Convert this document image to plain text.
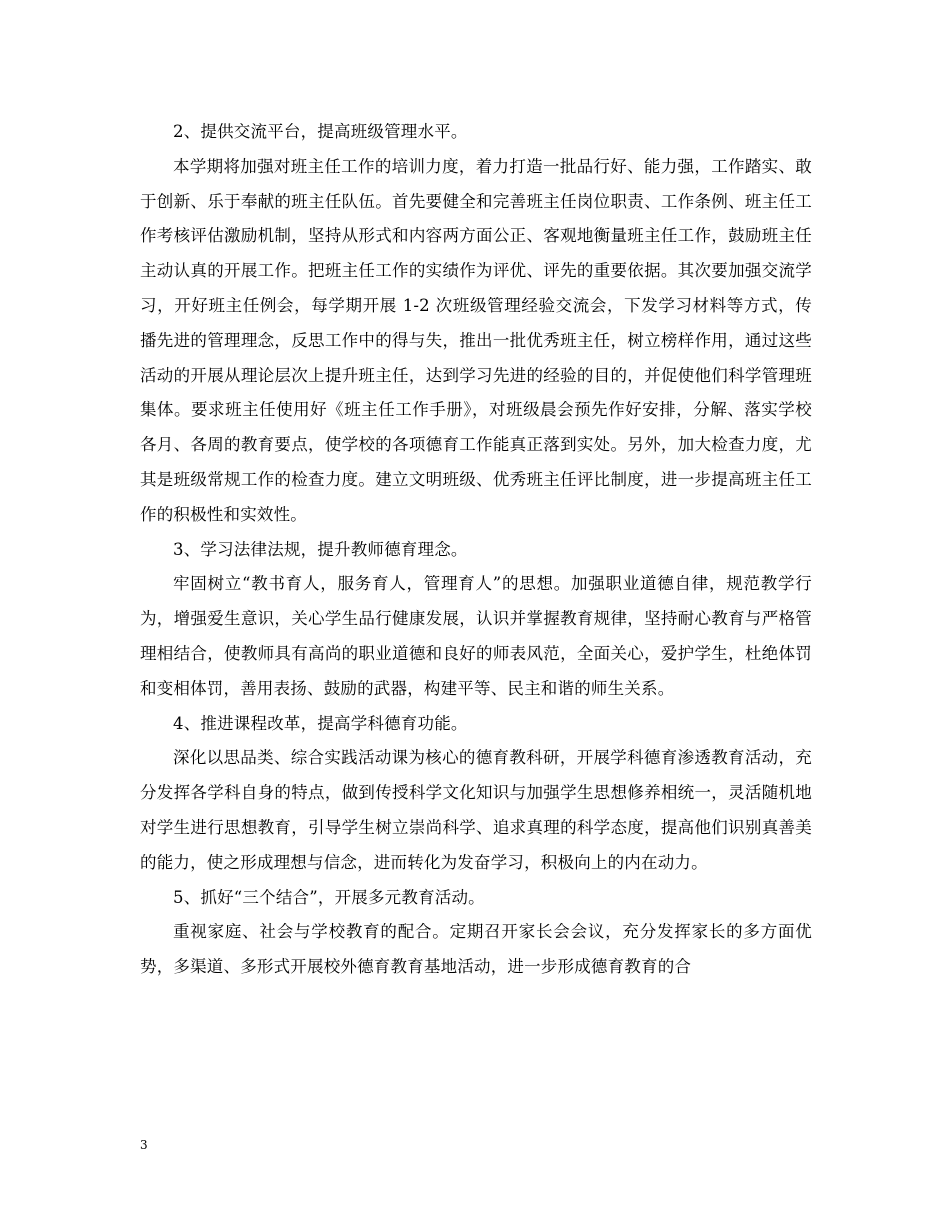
2、提供交流平台，提高班级管理水平。

本学期将加强对班主任工作的培训力度，着力打造一批品行好、能力强，工作踏实、敢于创新、乐于奉献的班主任队伍。首先要健全和完善班主任岗位职责、工作条例、班主任工作考核评估激励机制，坚持从形式和内容两方面公正、客观地衡量班主任工作，鼓励班主任主动认真的开展工作。把班主任工作的实绩作为评优、评先的重要依据。其次要加强交流学习，开好班主任例会，每学期开展 1-2 次班级管理经验交流会，下发学习材料等方式，传播先进的管理理念，反思工作中的得与失，推出一批优秀班主任，树立榜样作用，通过这些活动的开展从理论层次上提升班主任，达到学习先进的经验的目的，并促使他们科学管理班集体。要求班主任使用好《班主任工作手册》，对班级晨会预先作好安排，分解、落实学校各月、各周的教育要点，使学校的各项德育工作能真正落到实处。另外，加大检查力度，尤其是班级常规工作的检查力度。建立文明班级、优秀班主任评比制度，进一步提高班主任工作的积极性和实效性。

3、学习法律法规，提升教师德育理念。

牢固树立“教书育人，服务育人，管理育人”的思想。加强职业道德自律，规范教学行为，增强爱生意识，关心学生品行健康发展，认识并掌握教育规律，坚持耐心教育与严格管理相结合，使教师具有高尚的职业道德和良好的师表风范，全面关心，爱护学生，杜绝体罚和变相体罚，善用表扬、鼓励的武器，构建平等、民主和谐的师生关系。

4、推进课程改革，提高学科德育功能。

深化以思品类、综合实践活动课为核心的德育教科研，开展学科德育渗透教育活动，充分发挥各学科自身的特点，做到传授科学文化知识与加强学生思想修养相统一，灵活随机地对学生进行思想教育，引导学生树立崇尚科学、追求真理的科学态度，提高他们识别真善美的能力，使之形成理想与信念，进而转化为发奋学习，积极向上的内在动力。

5、抓好“三个结合”，开展多元教育活动。

重视家庭、社会与学校教育的配合。定期召开家长会会议，充分发挥家长的多方面优势，多渠道、多形式开展校外德育教育基地活动，进一步形成德育教育的合

3
